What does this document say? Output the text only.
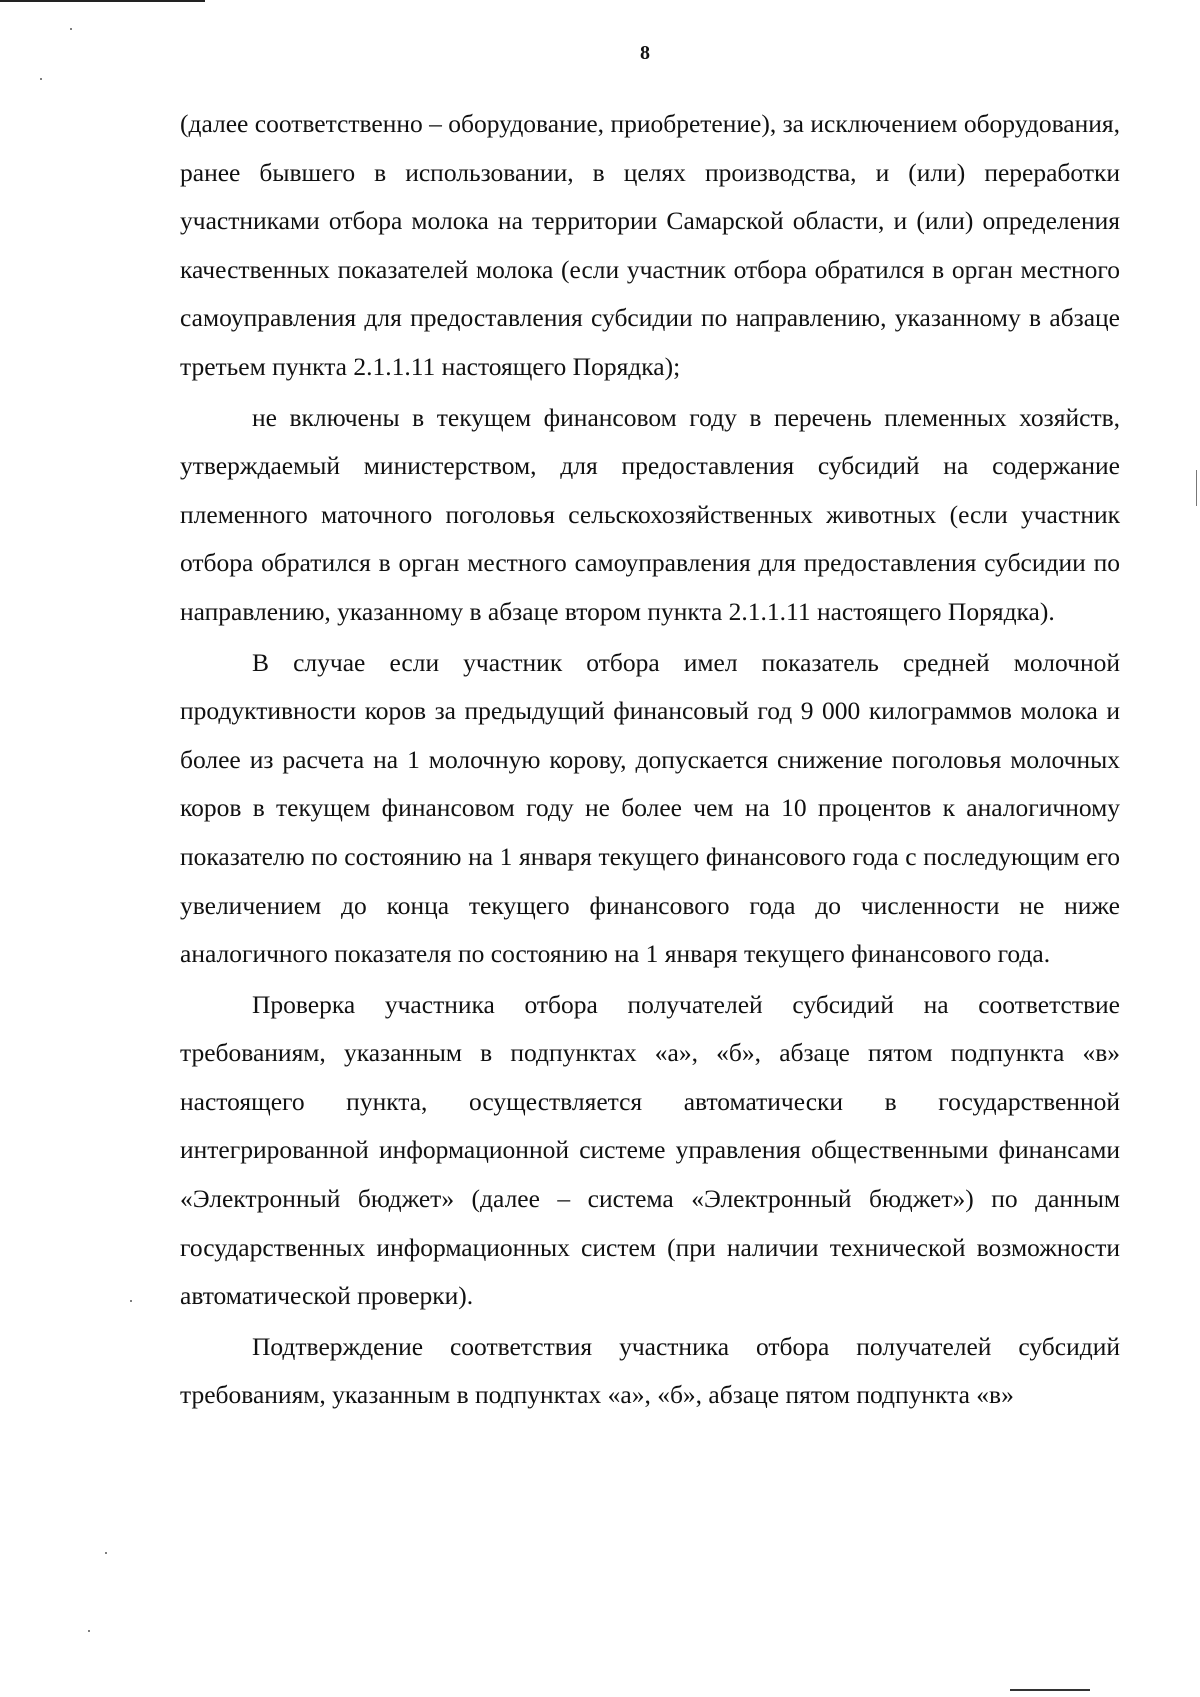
8

(далее соответственно – оборудование, приобретение), за исключением оборудования, ранее бывшего в использовании, в целях производства, и (или) переработки участниками отбора молока на территории Самарской области, и (или) определения качественных показателей молока (если участник отбора обратился в орган местного самоуправления для предоставления субсидии по направлению, указанному в абзаце третьем пункта 2.1.1.11 настоящего Порядка);

не включены в текущем финансовом году в перечень племенных хозяйств, утверждаемый министерством, для предоставления субсидий на содержание племенного маточного поголовья сельскохозяйственных животных (если участник отбора обратился в орган местного самоуправления для предоставления субсидии по направлению, указанному в абзаце втором пункта 2.1.1.11 настоящего Порядка).

В случае если участник отбора имел показатель средней молочной продуктивности коров за предыдущий финансовый год 9 000 килограммов молока и более из расчета на 1 молочную корову, допускается снижение поголовья молочных коров в текущем финансовом году не более чем на 10 процентов к аналогичному показателю по состоянию на 1 января текущего финансового года с последующим его увеличением до конца текущего финансового года до численности не ниже аналогичного показателя по состоянию на 1 января текущего финансового года.

Проверка участника отбора получателей субсидий на соответствие требованиям, указанным в подпунктах «а», «б», абзаце пятом подпункта «в» настоящего пункта, осуществляется автоматически в государственной интегрированной информационной системе управления общественными финансами «Электронный бюджет» (далее – система «Электронный бюджет») по данным государственных информационных систем (при наличии технической возможности автоматической проверки).

Подтверждение соответствия участника отбора получателей субсидий требованиям, указанным в подпунктах «а», «б», абзаце пятом подпункта «в»
